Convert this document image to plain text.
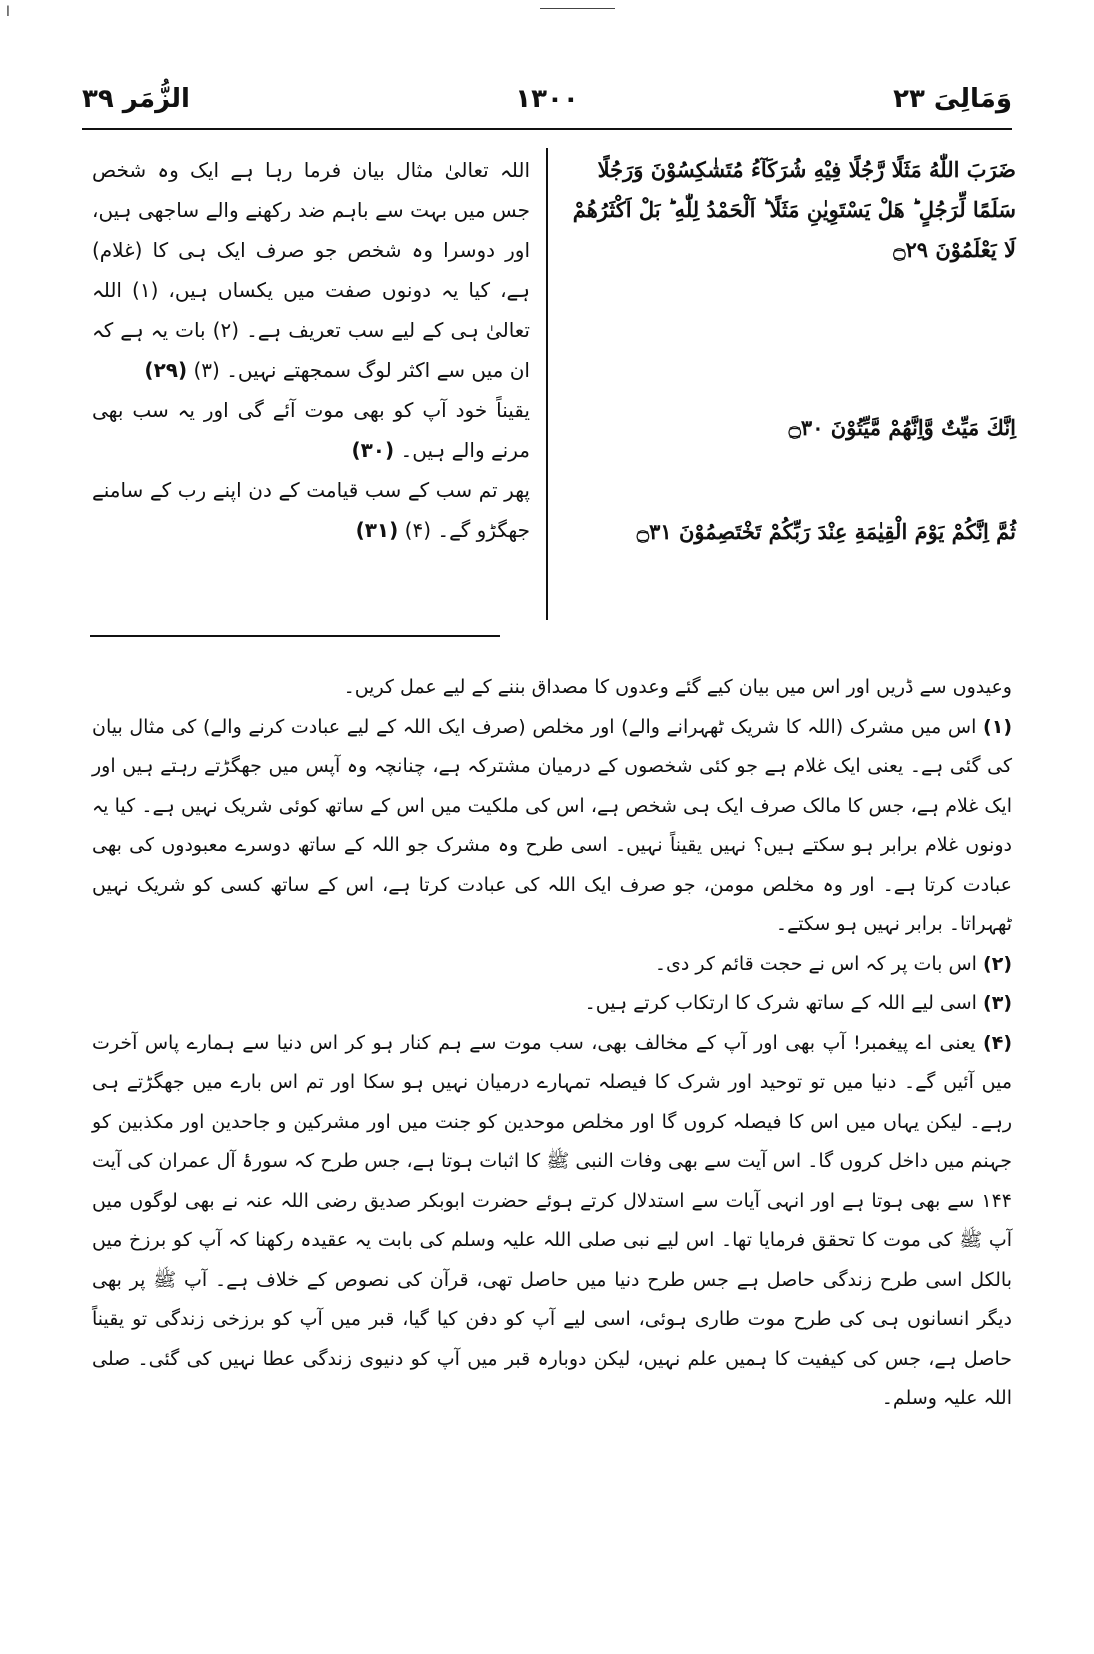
ا
وَمَالِیَ ۲۳
۱۳۰۰
الزُّمَر ۳۹
ضَرَبَ اللّٰهُ مَثَلًا رَّجُلًا فِیْهِ شُرَكَآءُ مُتَشٰكِسُوْنَ وَرَجُلًا سَلَمًا لِّرَجُلٍ ؕ هَلْ یَسْتَوِیٰنِ مَثَلًا ؕ اَلْحَمْدُ لِلّٰهِ ؕ بَلْ اَكْثَرُهُمْ لَا یَعْلَمُوْنَ ۝۲۹
اِنَّكَ مَیِّتٌ وَّاِنَّهُمْ مَّیِّتُوْنَ ۝۳۰
ثُمَّ اِنَّكُمْ یَوْمَ الْقِیٰمَةِ عِنْدَ رَبِّكُمْ تَخْتَصِمُوْنَ ۝۳۱

اللہ تعالیٰ مثال بیان فرما رہا ہے ایک وہ شخص جس میں بہت سے باہم ضد رکھنے والے ساجھی ہیں، اور دوسرا وہ شخص جو صرف ایک ہی کا (غلام) ہے، کیا یہ دونوں صفت میں یکساں ہیں، (۱) اللہ تعالیٰ ہی کے لیے سب تعریف ہے۔ (۲) بات یہ ہے کہ ان میں سے اکثر لوگ سمجھتے نہیں۔ (۳) (۲۹)

یقیناً خود آپ کو بھی موت آئے گی اور یہ سب بھی مرنے والے ہیں۔ (۳۰)

پھر تم سب کے سب قیامت کے دن اپنے رب کے سامنے جھگڑو گے۔ (۴) (۳۱)

وعیدوں سے ڈریں اور اس میں بیان کیے گئے وعدوں کا مصداق بننے کے لیے عمل کریں۔

(۱) اس میں مشرک (اللہ کا شریک ٹھہرانے والے) اور مخلص (صرف ایک اللہ کے لیے عبادت کرنے والے) کی مثال بیان کی گئی ہے۔ یعنی ایک غلام ہے جو کئی شخصوں کے درمیان مشترکہ ہے، چنانچہ وہ آپس میں جھگڑتے رہتے ہیں اور ایک غلام ہے، جس کا مالک صرف ایک ہی شخص ہے، اس کی ملکیت میں اس کے ساتھ کوئی شریک نہیں ہے۔ کیا یہ دونوں غلام برابر ہو سکتے ہیں؟ نہیں یقیناً نہیں۔ اسی طرح وہ مشرک جو اللہ کے ساتھ دوسرے معبودوں کی بھی عبادت کرتا ہے۔ اور وہ مخلص مومن، جو صرف ایک اللہ کی عبادت کرتا ہے، اس کے ساتھ کسی کو شریک نہیں ٹھہراتا۔ برابر نہیں ہو سکتے۔

(۲) اس بات پر کہ اس نے حجت قائم کر دی۔

(۳) اسی لیے اللہ کے ساتھ شرک کا ارتکاب کرتے ہیں۔

(۴) یعنی اے پیغمبر! آپ بھی اور آپ کے مخالف بھی، سب موت سے ہم کنار ہو کر اس دنیا سے ہمارے پاس آخرت میں آئیں گے۔ دنیا میں تو توحید اور شرک کا فیصلہ تمہارے درمیان نہیں ہو سکا اور تم اس بارے میں جھگڑتے ہی رہے۔ لیکن یہاں میں اس کا فیصلہ کروں گا اور مخلص موحدین کو جنت میں اور مشرکین و جاحدین اور مکذبین کو جہنم میں داخل کروں گا۔ اس آیت سے بھی وفات النبی ﷺ کا اثبات ہوتا ہے، جس طرح کہ سورۂ آل عمران کی آیت ۱۴۴ سے بھی ہوتا ہے اور انہی آیات سے استدلال کرتے ہوئے حضرت ابوبکر صدیق رضی اللہ عنہ نے بھی لوگوں میں آپ ﷺ کی موت کا تحقق فرمایا تھا۔ اس لیے نبی صلی اللہ علیہ وسلم کی بابت یہ عقیدہ رکھنا کہ آپ کو برزخ میں بالکل اسی طرح زندگی حاصل ہے جس طرح دنیا میں حاصل تھی، قرآن کی نصوص کے خلاف ہے۔ آپ ﷺ پر بھی دیگر انسانوں ہی کی طرح موت طاری ہوئی، اسی لیے آپ کو دفن کیا گیا، قبر میں آپ کو برزخی زندگی تو یقیناً حاصل ہے، جس کی کیفیت کا ہمیں علم نہیں، لیکن دوبارہ قبر میں آپ کو دنیوی زندگی عطا نہیں کی گئی۔ صلی اللہ علیہ وسلم۔
